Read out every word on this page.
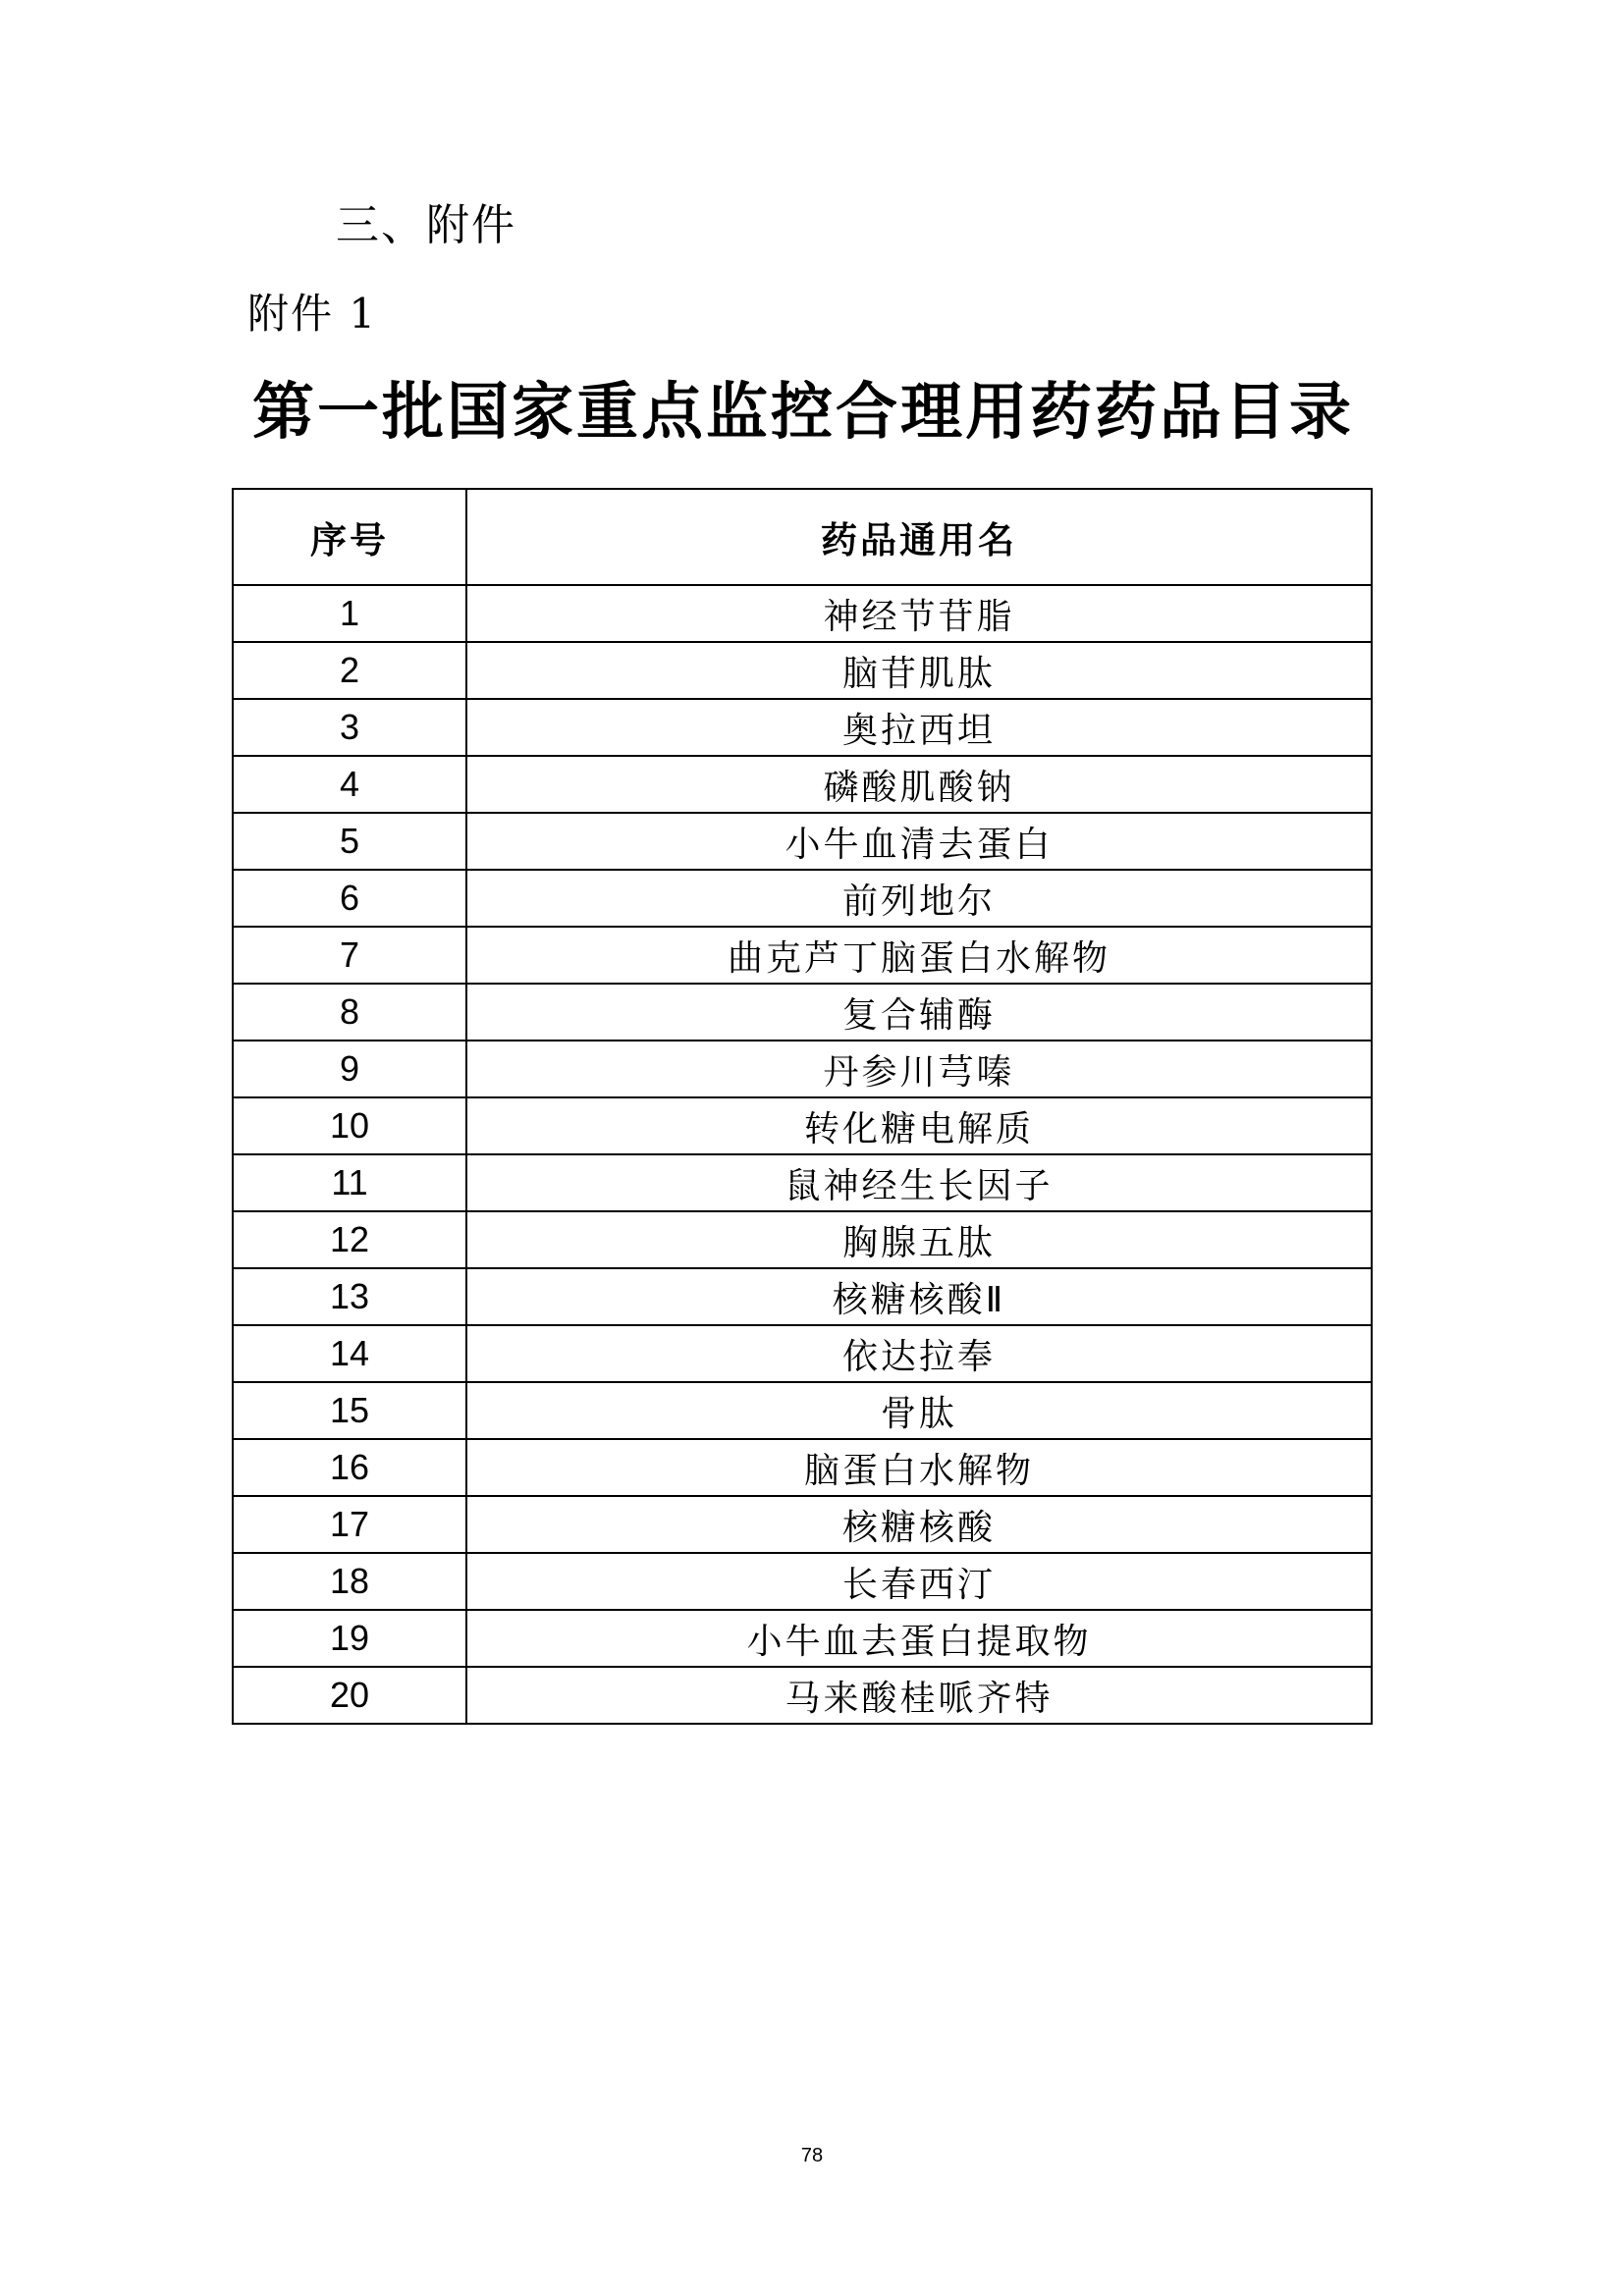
三、附件
附件 1
第一批国家重点监控合理用药药品目录
序号	药品通用名
1	神经节苷脂
2	脑苷肌肽
3	奥拉西坦
4	磷酸肌酸钠
5	小牛血清去蛋白
6	前列地尔
7	曲克芦丁脑蛋白水解物
8	复合辅酶
9	丹参川芎嗪
10	转化糖电解质
11	鼠神经生长因子
12	胸腺五肽
13	核糖核酸Ⅱ
14	依达拉奉
15	骨肽
16	脑蛋白水解物
17	核糖核酸
18	长春西汀
19	小牛血去蛋白提取物
20	马来酸桂哌齐特
78
